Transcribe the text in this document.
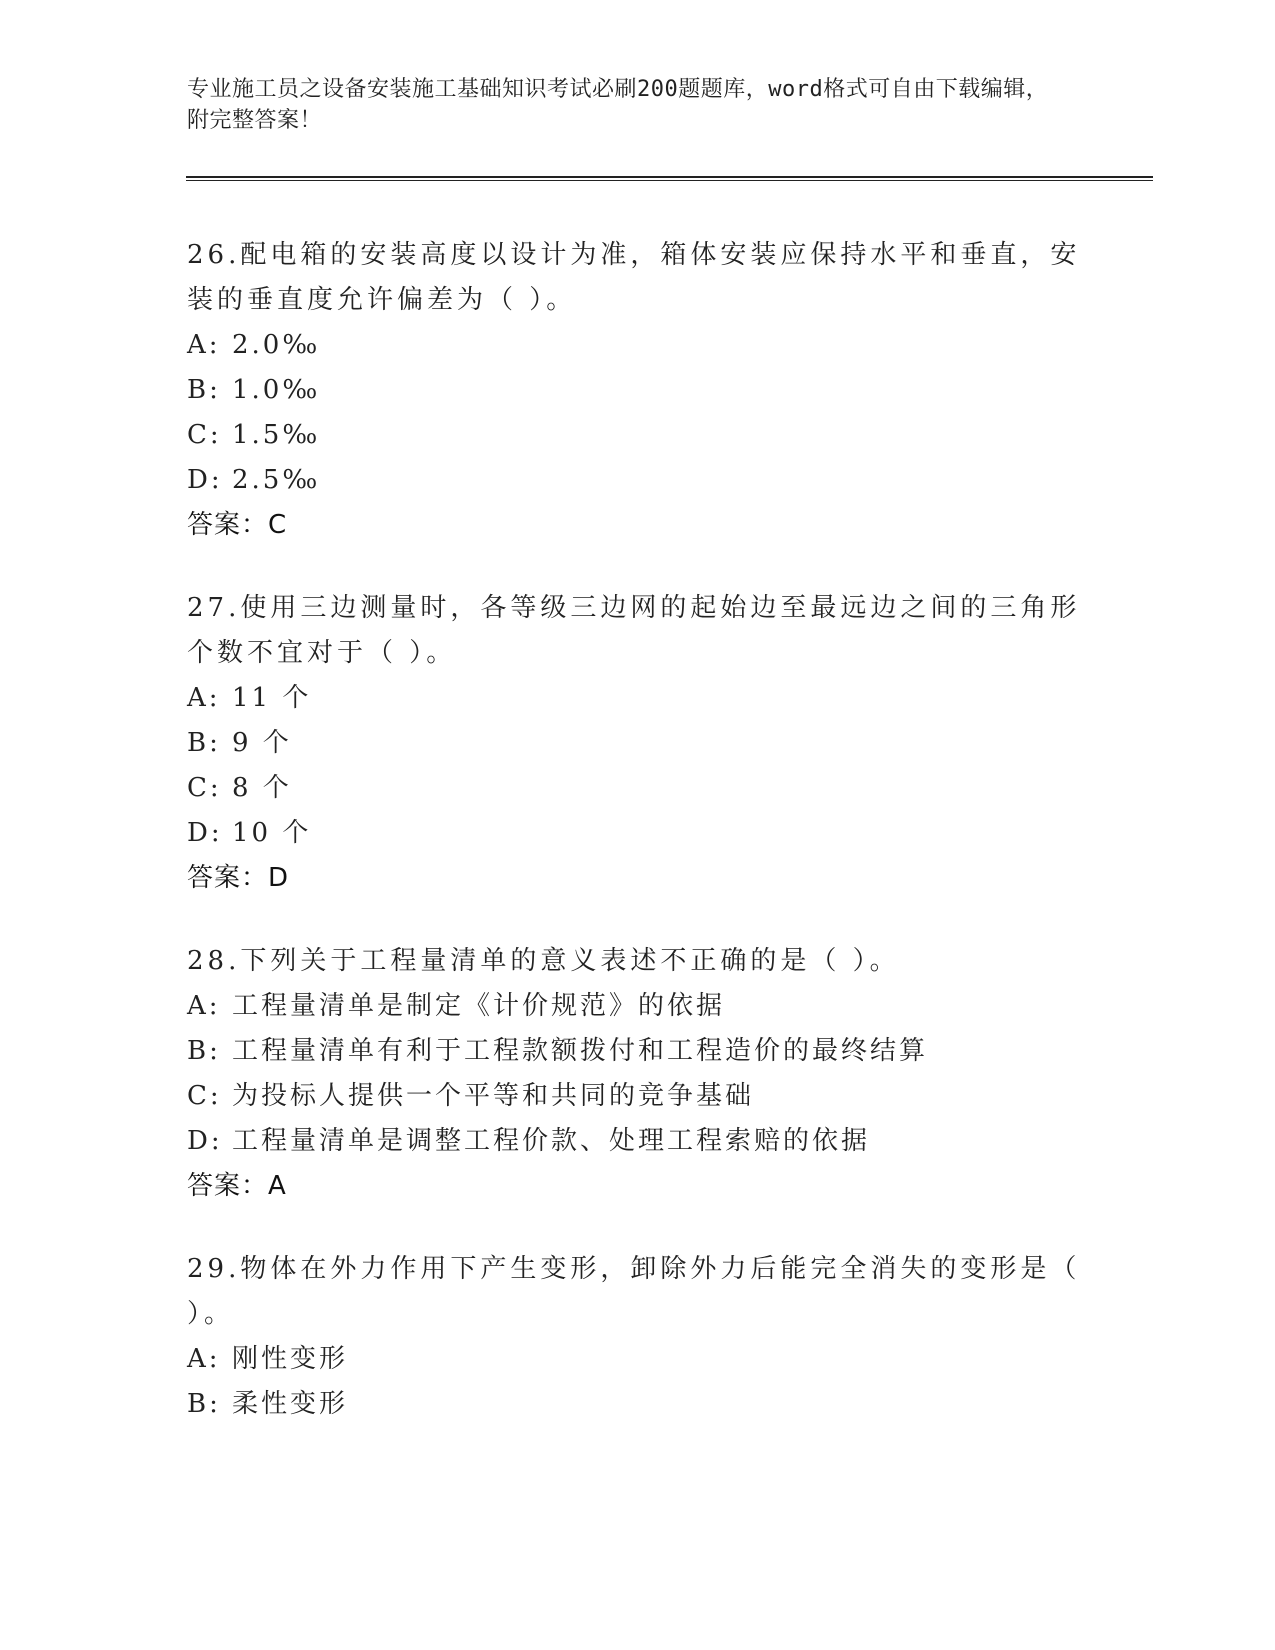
专业施工员之设备安装施工基础知识考试必刷200题题库，word格式可自由下载编辑，附完整答案！

26.配电箱的安装高度以设计为准，箱体安装应保持水平和垂直，安装的垂直度允许偏差为（ ）。

A: 2.0‰

B: 1.0‰

C: 1.5‰

D: 2.5‰

答案：C

27.使用三边测量时，各等级三边网的起始边至最远边之间的三角形个数不宜对于（ ）。

A: 11 个

B: 9 个

C: 8 个

D: 10 个

答案：D

28.下列关于工程量清单的意义表述不正确的是（ ）。

A: 工程量清单是制定《计价规范》的依据

B: 工程量清单有利于工程款额拨付和工程造价的最终结算

C: 为投标人提供一个平等和共同的竞争基础

D: 工程量清单是调整工程价款、处理工程索赔的依据

答案：A

29.物体在外力作用下产生变形，卸除外力后能完全消失的变形是（ ）。

A: 刚性变形

B: 柔性变形
